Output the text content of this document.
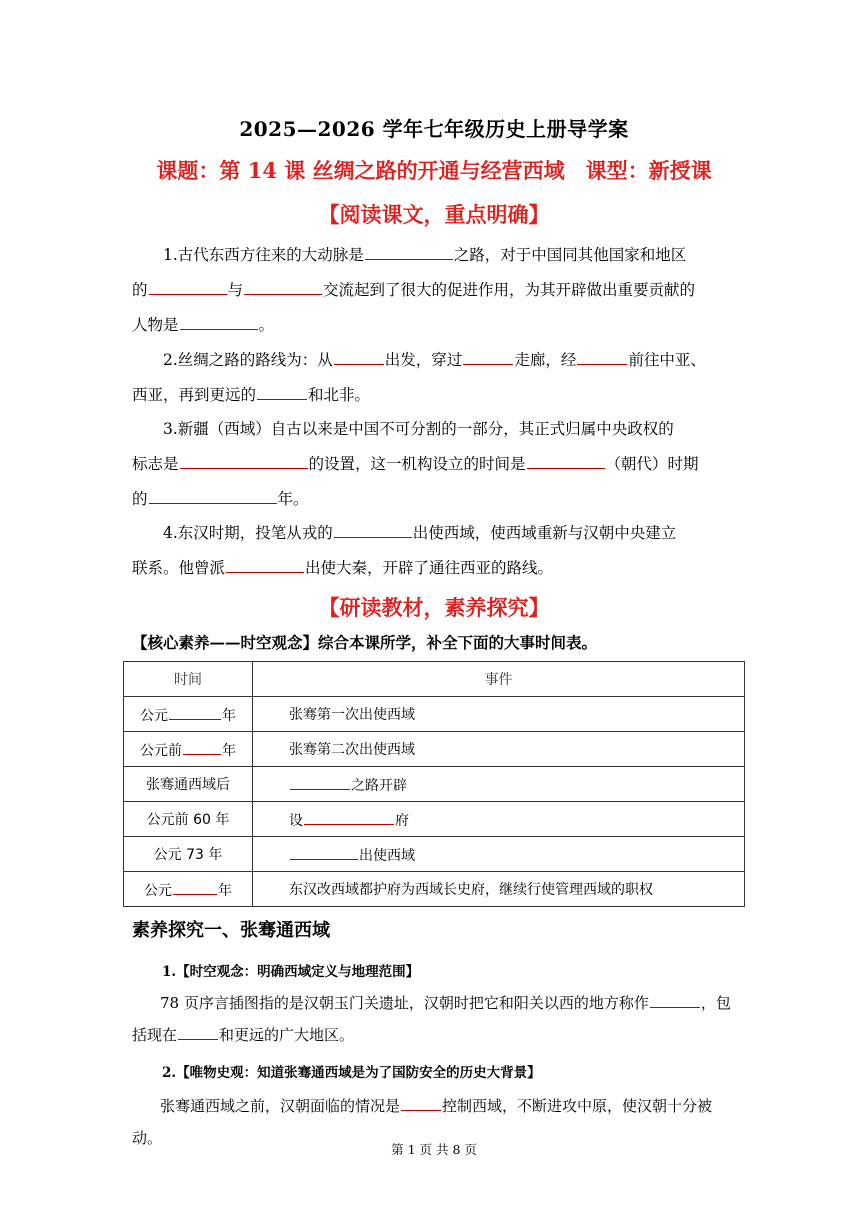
2025—2026 学年七年级历史上册导学案
课题：第 14 课 丝绸之路的开通与经营西域　课型：新授课
【阅读课文，重点明确】
1.古代东西方往来的大动脉是	之路，对于中国同其他国家和地区
的	与	交流起到了很大的促进作用，为其开辟做出重要贡献的
人物是	。
2.丝绸之路的路线为：从	出发，穿过	走廊，经	前往中亚、
西亚，再到更远的	和北非。
3.新疆（西域）自古以来是中国不可分割的一部分，其正式归属中央政权的
标志是	的设置，这一机构设立的时间是	（朝代）时期
的	年。
4.东汉时期，投笔从戎的	出使西域，使西域重新与汉朝中央建立
联系。他曾派	出使大秦，开辟了通往西亚的路线。
【研读教材，素养探究】
【核心素养——时空观念】综合本课所学，补全下面的大事时间表。
时间	事件
公元 年	张骞第一次出使西域
公元前 年	张骞第二次出使西域
张骞通西域后	之路开辟
公元前 60 年	设 府
公元 73 年	出使西域
公元 年	东汉改西域都护府为西域长史府，继续行使管理西域的职权
素养探究一、张骞通西域
1.【时空观念：明确西域定义与地理范围】
78 页序言插图指的是汉朝玉门关遗址，汉朝时把它和阳关以西的地方称作	，包
括现在	和更远的广大地区。
2.【唯物史观：知道张骞通西域是为了国防安全的历史大背景】
张骞通西域之前，汉朝面临的情况是	控制西域，不断进攻中原，使汉朝十分被动。
第 1 页 共 8 页
